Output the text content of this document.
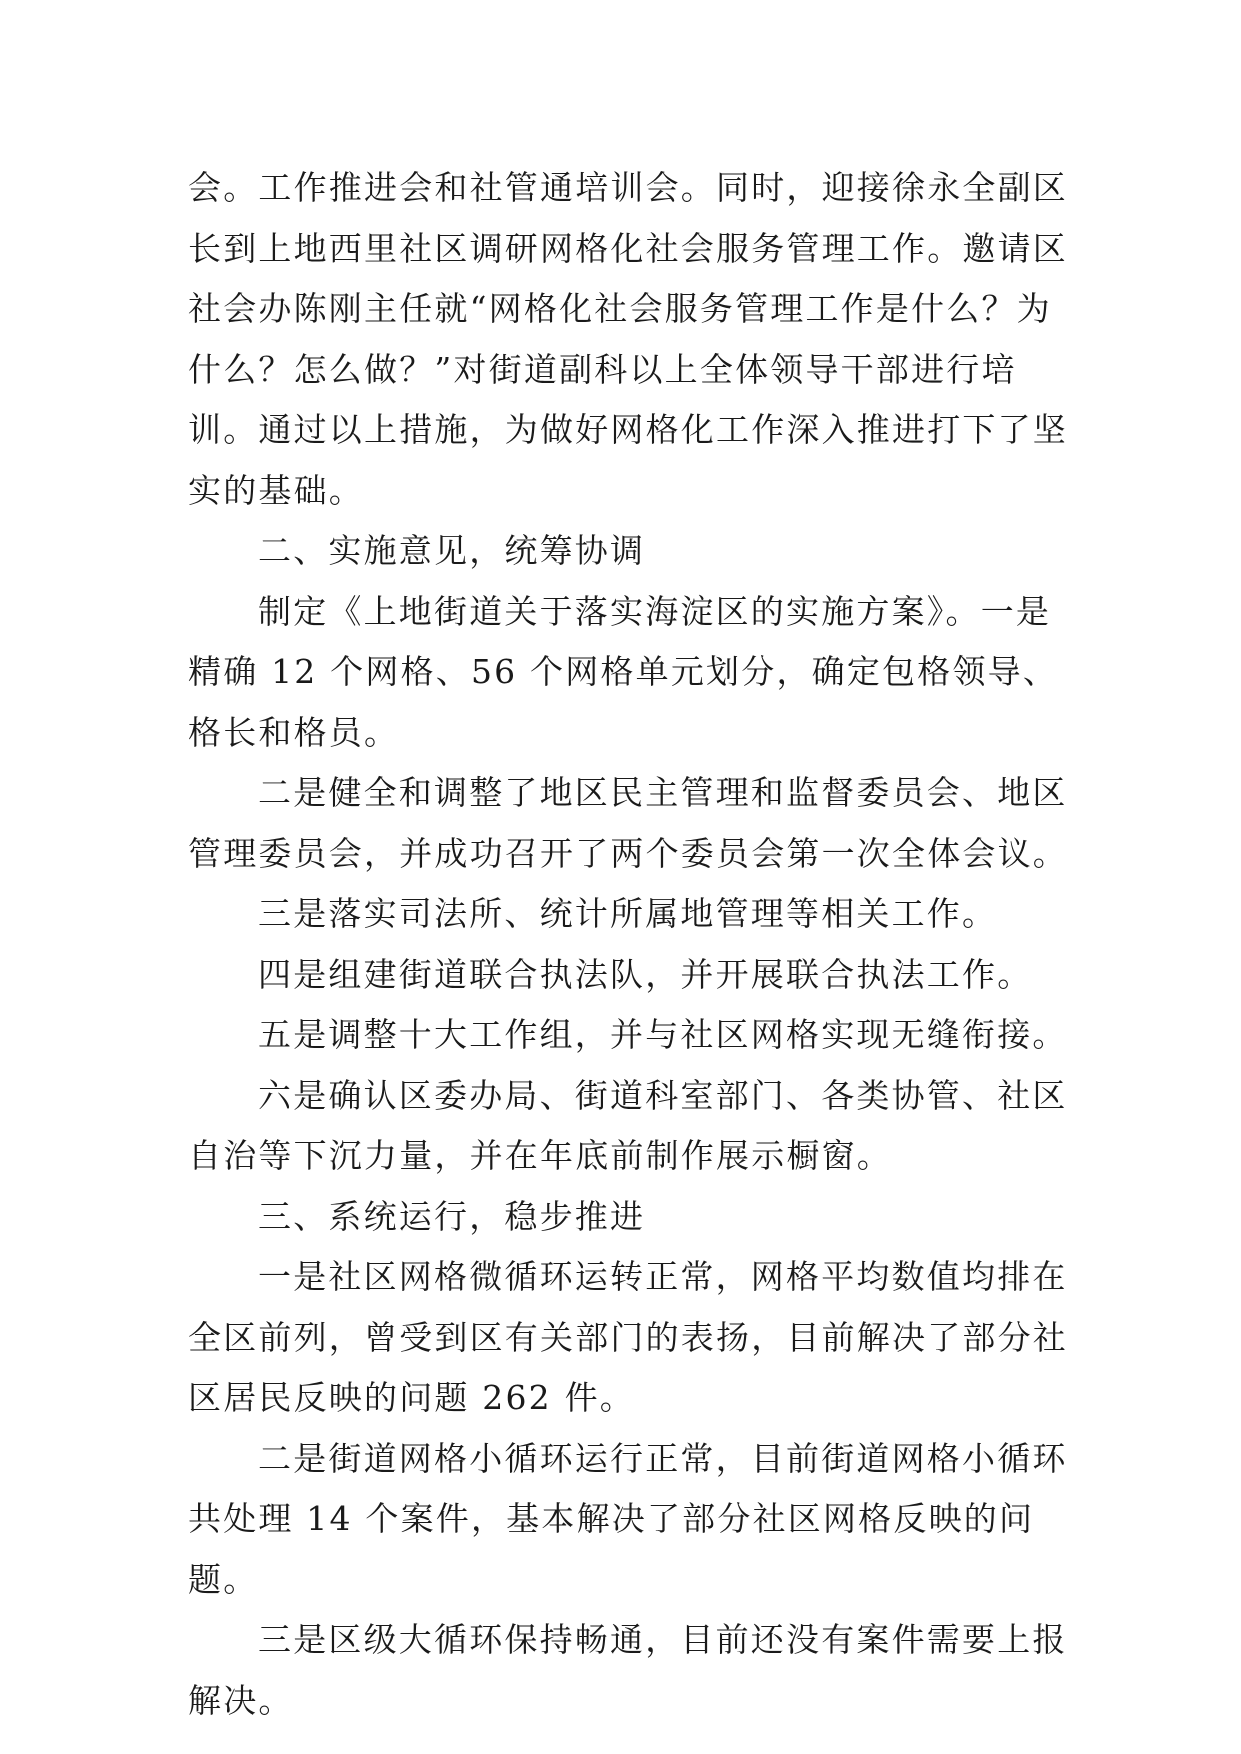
会。工作推进会和社管通培训会。同时，迎接徐永全副区长到上地西里社区调研网格化社会服务管理工作。邀请区社会办陈刚主任就“网格化社会服务管理工作是什么？为什么？怎么做？”对街道副科以上全体领导干部进行培训。通过以上措施，为做好网格化工作深入推进打下了坚实的基础。

二、实施意见，统筹协调

制定《上地街道关于落实海淀区的实施方案》。一是精确 12 个网格、56 个网格单元划分，确定包格领导、格长和格员。

二是健全和调整了地区民主管理和监督委员会、地区管理委员会，并成功召开了两个委员会第一次全体会议。

三是落实司法所、统计所属地管理等相关工作。

四是组建街道联合执法队，并开展联合执法工作。

五是调整十大工作组，并与社区网格实现无缝衔接。

六是确认区委办局、街道科室部门、各类协管、社区自治等下沉力量，并在年底前制作展示橱窗。

三、系统运行，稳步推进

一是社区网格微循环运转正常，网格平均数值均排在全区前列，曾受到区有关部门的表扬，目前解决了部分社区居民反映的问题 262 件。

二是街道网格小循环运行正常，目前街道网格小循环共处理 14 个案件，基本解决了部分社区网格反映的问题。

三是区级大循环保持畅通，目前还没有案件需要上报解决。
